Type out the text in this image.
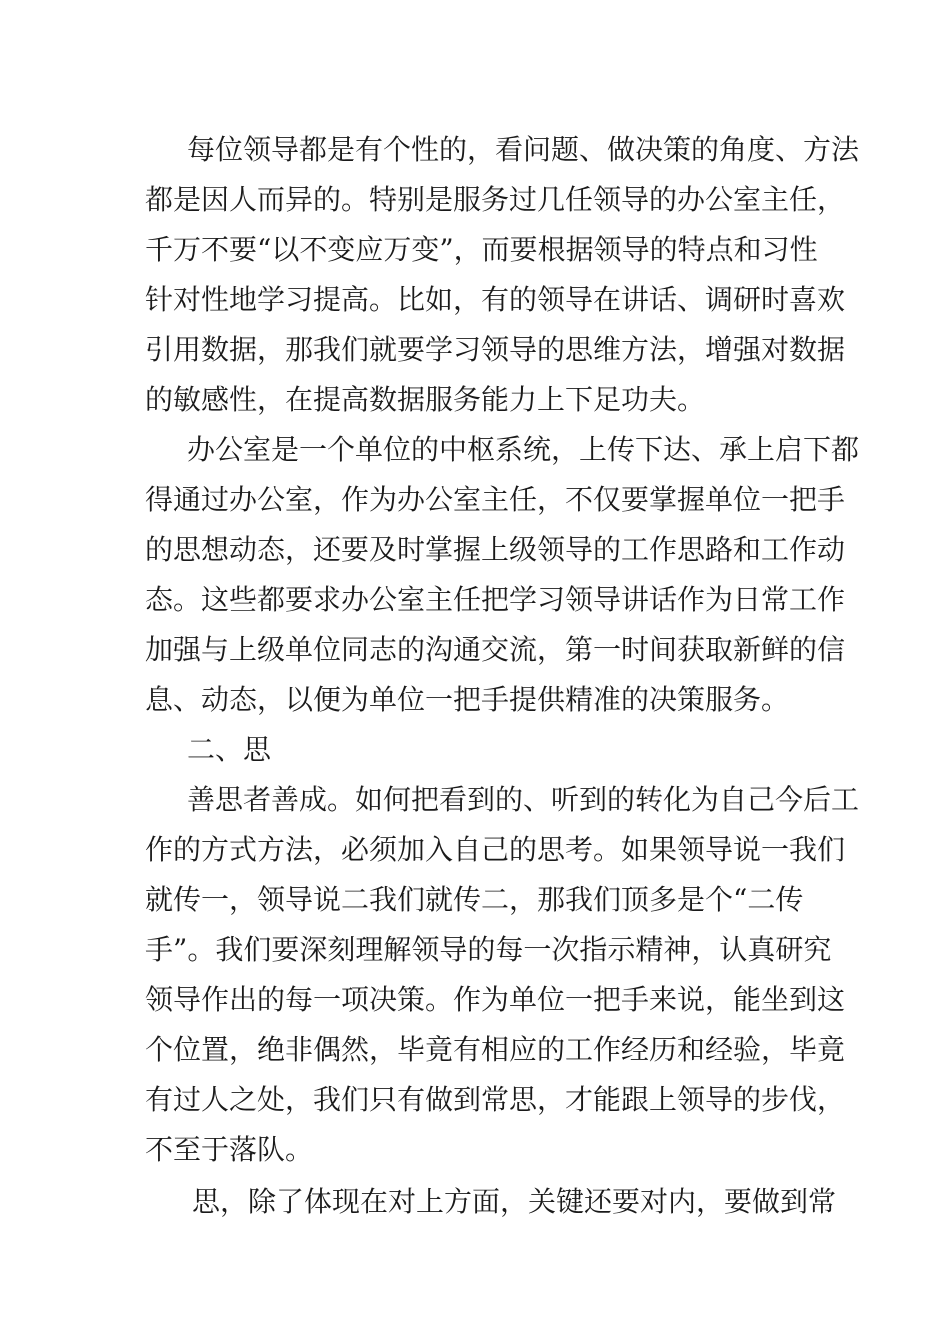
每位领导都是有个性的，看问题、做决策的角度、方法
都是因人而异的。特别是服务过几任领导的办公室主任，
千万不要“以不变应万变”，而要根据领导的特点和习性
针对性地学习提高。比如，有的领导在讲话、调研时喜欢
引用数据，那我们就要学习领导的思维方法，增强对数据
的敏感性，在提高数据服务能力上下足功夫。
办公室是一个单位的中枢系统，上传下达、承上启下都
得通过办公室，作为办公室主任，不仅要掌握单位一把手
的思想动态，还要及时掌握上级领导的工作思路和工作动
态。这些都要求办公室主任把学习领导讲话作为日常工作
加强与上级单位同志的沟通交流，第一时间获取新鲜的信
息、动态，以便为单位一把手提供精准的决策服务。
二、思
善思者善成。如何把看到的、听到的转化为自己今后工
作的方式方法，必须加入自己的思考。如果领导说一我们
就传一，领导说二我们就传二，那我们顶多是个“二传
手”。我们要深刻理解领导的每一次指示精神，认真研究
领导作出的每一项决策。作为单位一把手来说，能坐到这
个位置，绝非偶然，毕竟有相应的工作经历和经验，毕竟
有过人之处，我们只有做到常思，才能跟上领导的步伐，
不至于落队。
思，除了体现在对上方面，关键还要对内，要做到常
